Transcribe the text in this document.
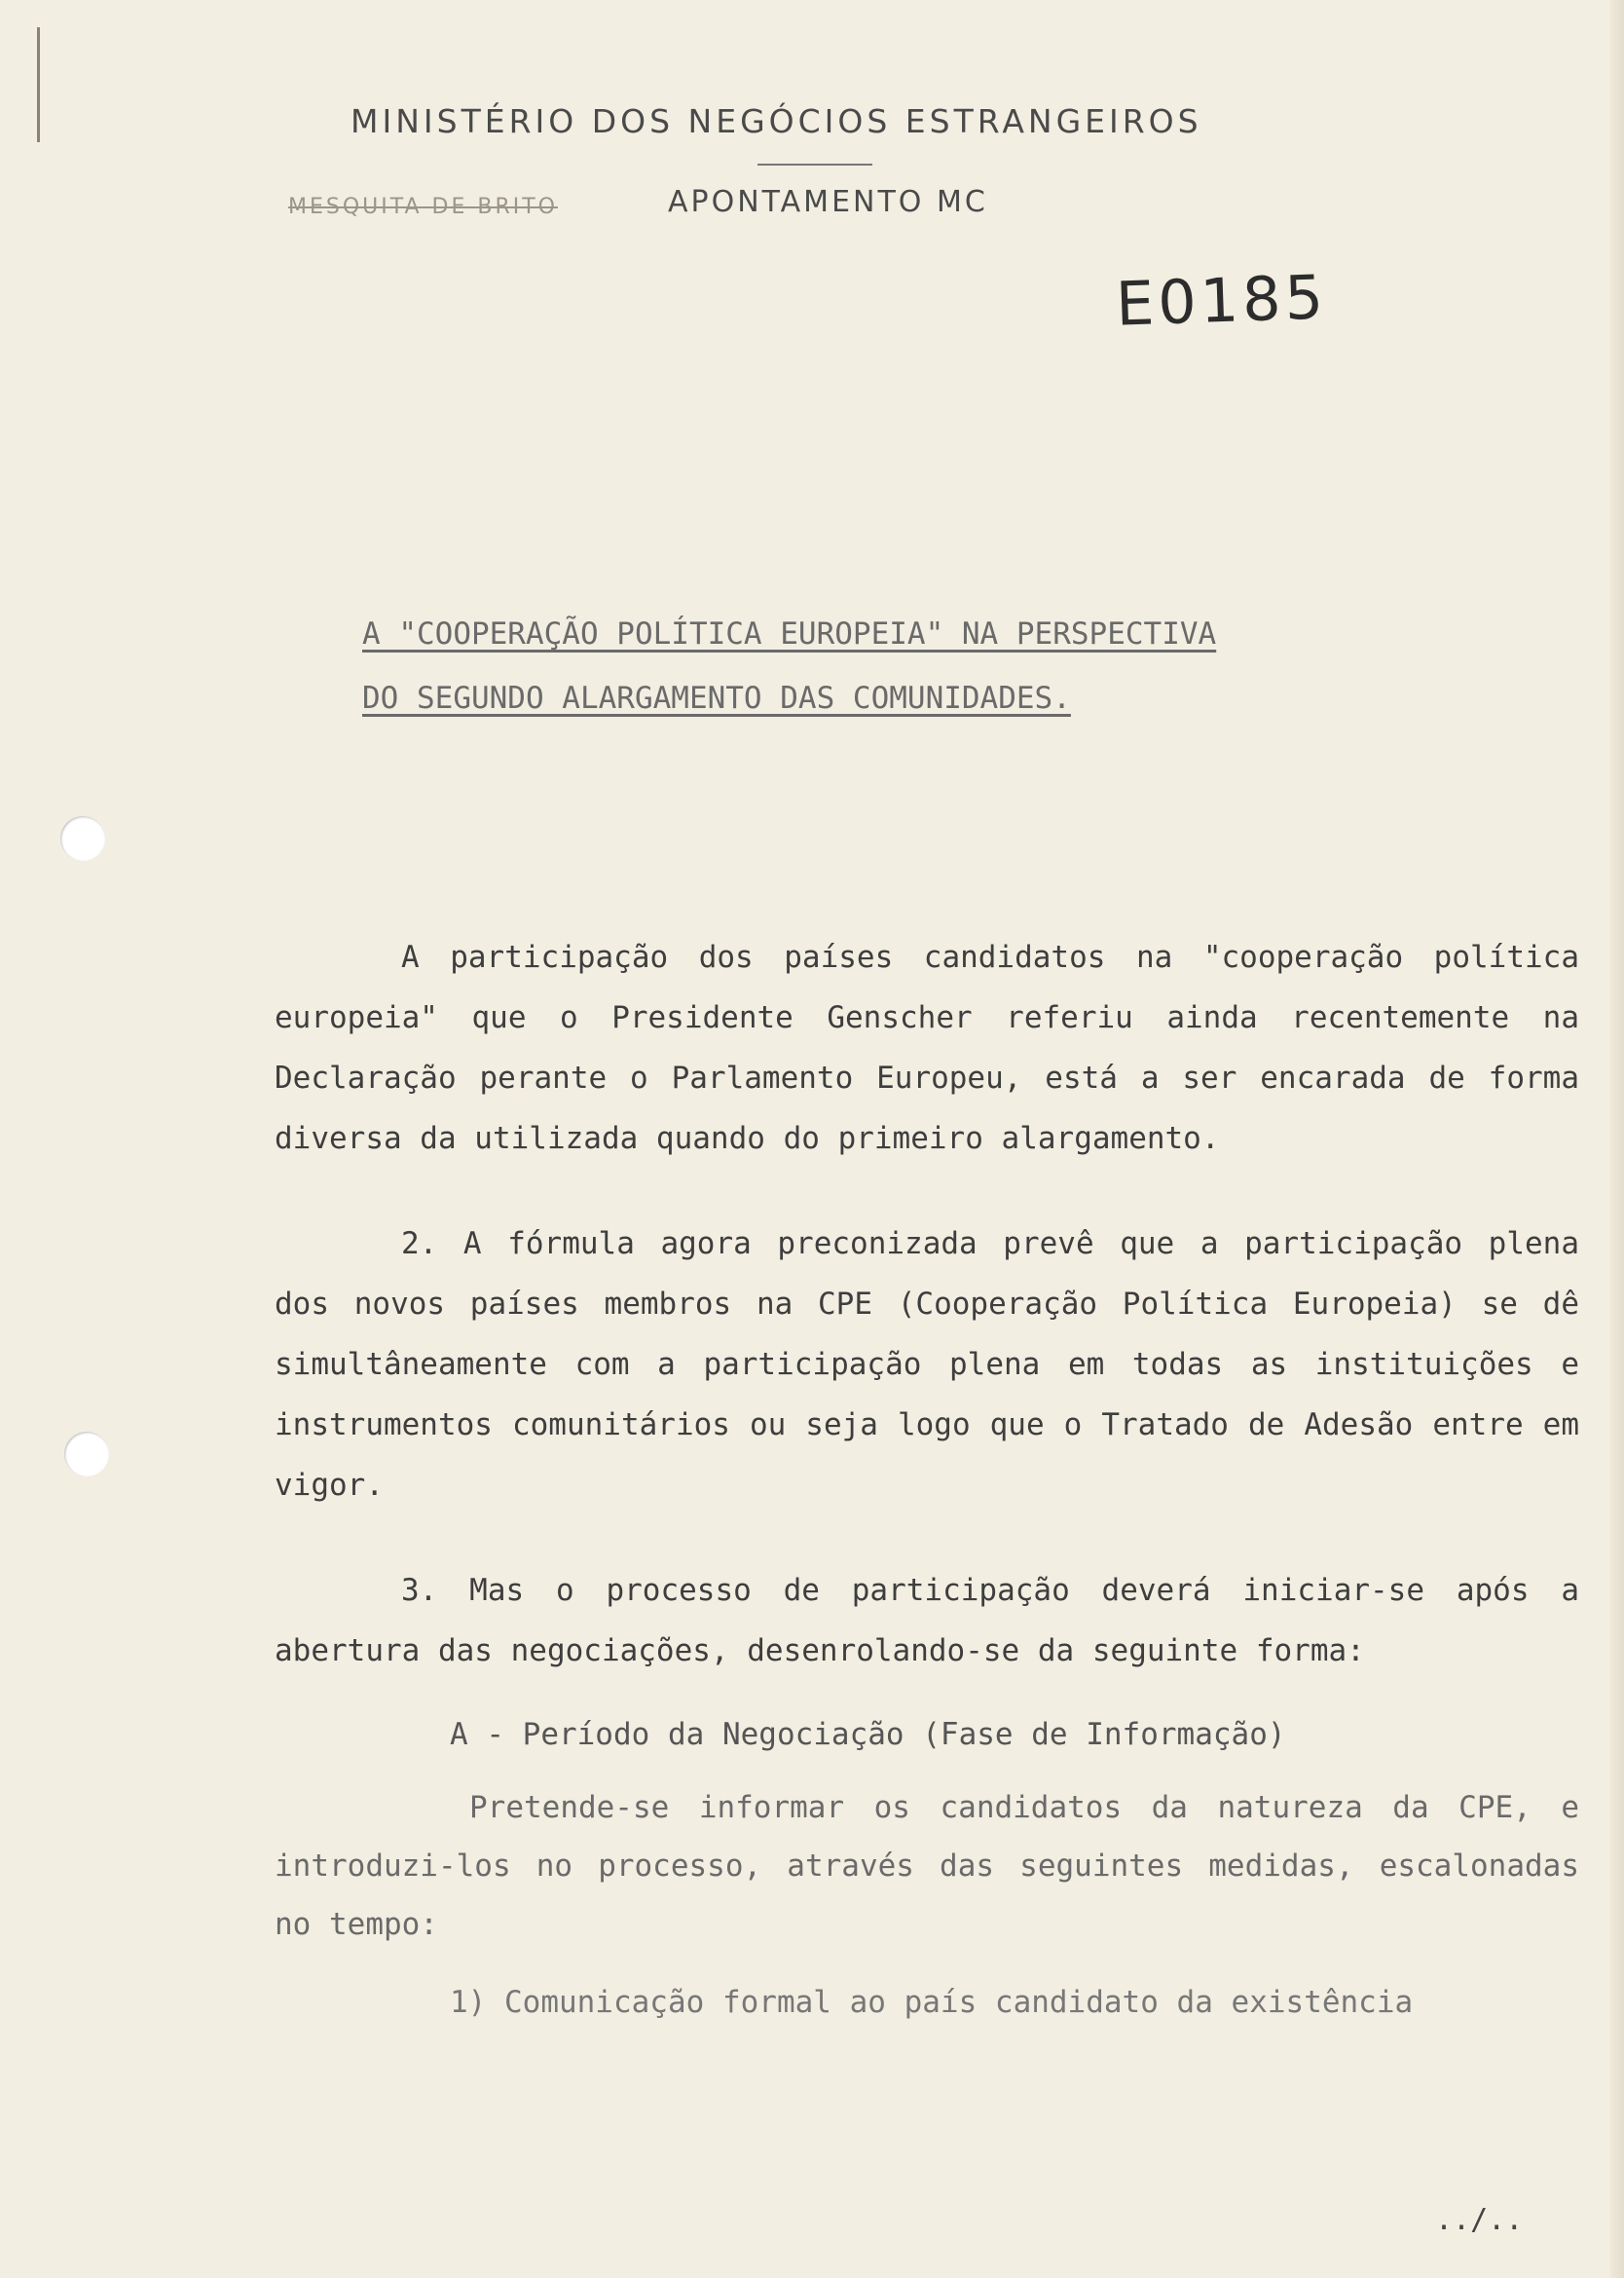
MINISTÉRIO DOS NEGÓCIOS ESTRANGEIROS
MESQUITA DE BRITO	APONTAMENTO MC
E0185
A "COOPERAÇÃO POLÍTICA EUROPEIA" NA PERSPECTIVA
DO SEGUNDO ALARGAMENTO DAS COMUNIDADES.

A participação dos países candidatos na "cooperação política europeia" que o Presidente Genscher referiu ainda recentemente na Declaração perante o Parlamento Europeu, está a ser encarada de forma diversa da utilizada quando do primeiro alargamento.

2. A fórmula agora preconizada prevê que a participação plena dos novos países membros na CPE (Cooperação Política Europeia) se dê simultâneamente com a participação plena em todas as instituições e instrumentos comunitários ou seja logo que o Tratado de Adesão entre em vigor.

3. Mas o processo de participação deverá iniciar-se após a abertura das negociações, desenrolando-se da seguinte forma:

A - Período da Negociação (Fase de Informação)

Pretende-se informar os candidatos da natureza da CPE, e introduzi-los no processo, através das seguintes medidas, escalonadas no tempo:

1) Comunicação formal ao país candidato da existência

../..
